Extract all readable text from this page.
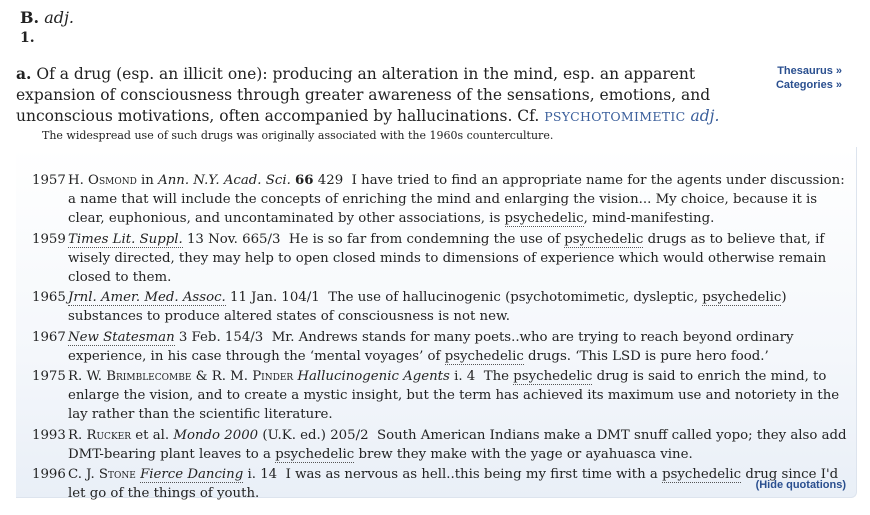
B. adj.
1.
Thesaurus »
Categories »
a. Of a drug (esp. an illicit one): producing an alteration in the mind, esp. an apparent expansion of consciousness through greater awareness of the sensations, emotions, and unconscious motivations, often accompanied by hallucinations. Cf. PSYCHOTOMIMETIC adj.
The widespread use of such drugs was originally associated with the 1960s counterculture.
1957 H. Osmond in Ann. N.Y. Acad. Sci. 66 429 I have tried to find an appropriate name for the agents under discussion: a name that will include the concepts of enriching the mind and enlarging the vision... My choice, because it is clear, euphonious, and uncontaminated by other associations, is psychedelic, mind-manifesting.
1959 Times Lit. Suppl. 13 Nov. 665/3 He is so far from condemning the use of psychedelic drugs as to believe that, if wisely directed, they may help to open closed minds to dimensions of experience which would otherwise remain closed to them.
1965 Jrnl. Amer. Med. Assoc. 11 Jan. 104/1 The use of hallucinogenic (psychotomimetic, dysleptic, psychedelic) substances to produce altered states of consciousness is not new.
1967 New Statesman 3 Feb. 154/3 Mr. Andrews stands for many poets..who are trying to reach beyond ordinary experience, in his case through the ‘mental voyages’ of psychedelic drugs. ‘This LSD is pure hero food.’
1975 R. W. Brimblecombe & R. M. Pinder Hallucinogenic Agents i. 4 The psychedelic drug is said to enrich the mind, to enlarge the vision, and to create a mystic insight, but the term has achieved its maximum use and notoriety in the lay rather than the scientific literature.
1993 R. Rucker et al. Mondo 2000 (U.K. ed.) 205/2 South American Indians make a DMT snuff called yopo; they also add DMT-bearing plant leaves to a psychedelic brew they make with the yage or ayahuasca vine.
1996 C. J. Stone Fierce Dancing i. 14 I was as nervous as hell..this being my first time with a psychedelic drug since I'd let go of the things of youth.
(Hide quotations)
